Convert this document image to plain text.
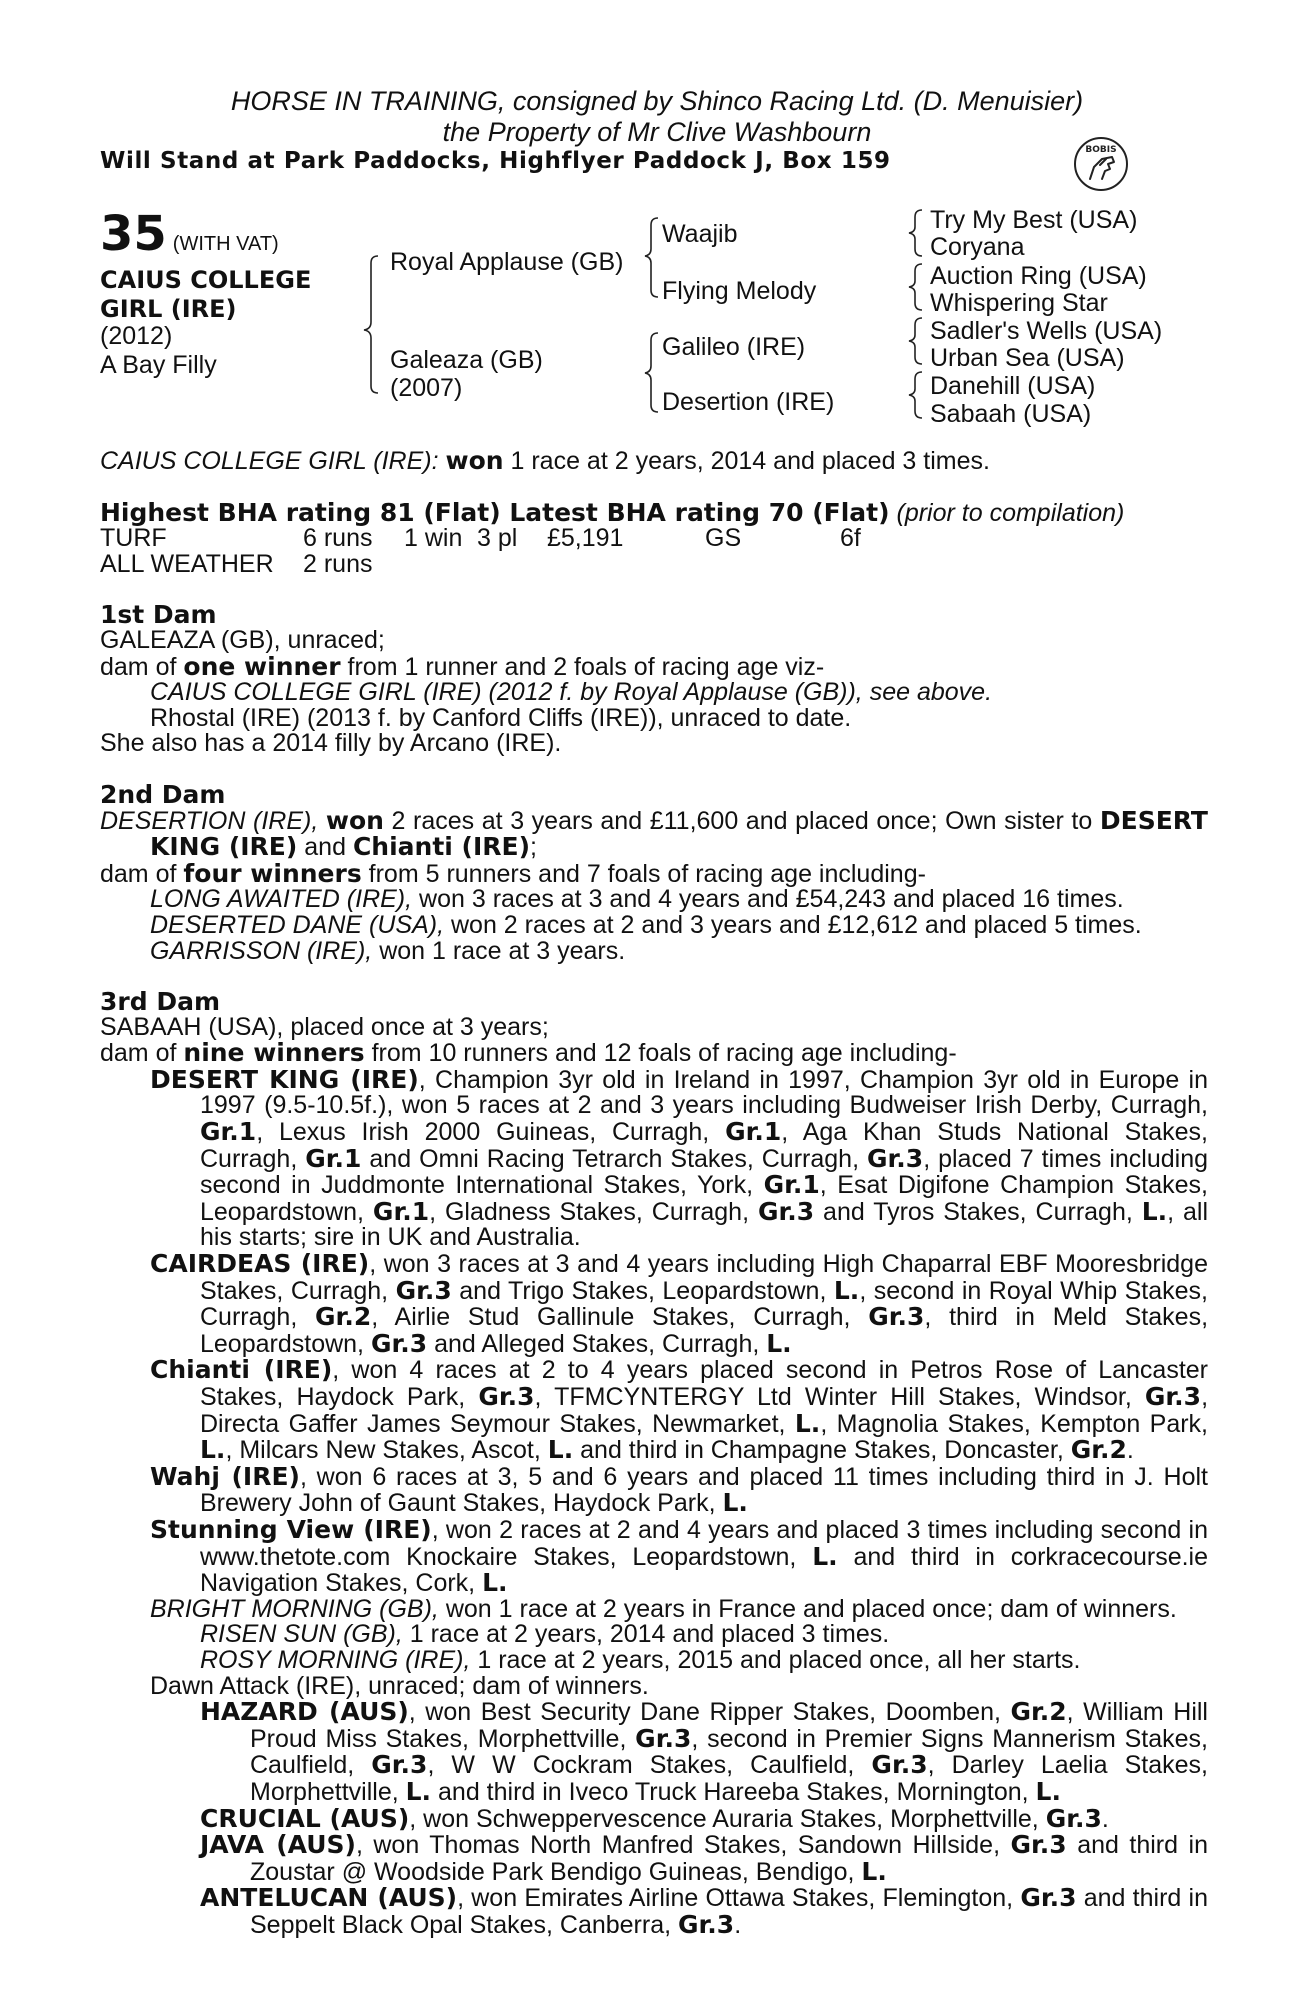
HORSE IN TRAINING, consigned by Shinco Racing Ltd. (D. Menuisier)
the Property of Mr Clive Washbourn
Will Stand at Park Paddocks, Highflyer Paddock J, Box 159	BOBIS
35 (WITH VAT)
CAIUS COLLEGE
GIRL (IRE)
(2012)
A Bay Filly
Royal Applause (GB)
Galeaza (GB)
(2007)
Waajib
Flying Melody
Galileo (IRE)
Desertion (IRE)
Try My Best (USA)
Coryana
Auction Ring (USA)
Whispering Star
Sadler's Wells (USA)
Urban Sea (USA)
Danehill (USA)
Sabaah (USA)

CAIUS COLLEGE GIRL (IRE): won 1 race at 2 years, 2014 and placed 3 times.

Highest BHA rating 81 (Flat) Latest BHA rating 70 (Flat) (prior to compilation)

TURF	6 runs	1 win 3 pl	£5,191	GS	6f
ALL WEATHER	2 runs

1st Dam

GALEAZA (GB), unraced;

dam of one winner from 1 runner and 2 foals of racing age viz-

CAIUS COLLEGE GIRL (IRE) (2012 f. by Royal Applause (GB)), see above.

Rhostal (IRE) (2013 f. by Canford Cliffs (IRE)), unraced to date.

She also has a 2014 filly by Arcano (IRE).

2nd Dam

DESERTION (IRE), won 2 races at 3 years and £11,600 and placed once; Own sister to DESERT KING (IRE) and Chianti (IRE);

dam of four winners from 5 runners and 7 foals of racing age including-

LONG AWAITED (IRE), won 3 races at 3 and 4 years and £54,243 and placed 16 times.

DESERTED DANE (USA), won 2 races at 2 and 3 years and £12,612 and placed 5 times.

GARRISSON (IRE), won 1 race at 3 years.

3rd Dam

SABAAH (USA), placed once at 3 years;

dam of nine winners from 10 runners and 12 foals of racing age including-

DESERT KING (IRE), Champion 3yr old in Ireland in 1997, Champion 3yr old in Europe in 1997 (9.5-10.5f.), won 5 races at 2 and 3 years including Budweiser Irish Derby, Curragh, Gr.1, Lexus Irish 2000 Guineas, Curragh, Gr.1, Aga Khan Studs National Stakes, Curragh, Gr.1 and Omni Racing Tetrarch Stakes, Curragh, Gr.3, placed 7 times including second in Juddmonte International Stakes, York, Gr.1, Esat Digifone Champion Stakes, Leopardstown, Gr.1, Gladness Stakes, Curragh, Gr.3 and Tyros Stakes, Curragh, L., all his starts; sire in UK and Australia.

CAIRDEAS (IRE), won 3 races at 3 and 4 years including High Chaparral EBF Mooresbridge Stakes, Curragh, Gr.3 and Trigo Stakes, Leopardstown, L., second in Royal Whip Stakes, Curragh, Gr.2, Airlie Stud Gallinule Stakes, Curragh, Gr.3, third in Meld Stakes, Leopardstown, Gr.3 and Alleged Stakes, Curragh, L.

Chianti (IRE), won 4 races at 2 to 4 years placed second in Petros Rose of Lancaster Stakes, Haydock Park, Gr.3, TFMCYNTERGY Ltd Winter Hill Stakes, Windsor, Gr.3, Directa Gaffer James Seymour Stakes, Newmarket, L., Magnolia Stakes, Kempton Park, L., Milcars New Stakes, Ascot, L. and third in Champagne Stakes, Doncaster, Gr.2.

Wahj (IRE), won 6 races at 3, 5 and 6 years and placed 11 times including third in J. Holt Brewery John of Gaunt Stakes, Haydock Park, L.

Stunning View (IRE), won 2 races at 2 and 4 years and placed 3 times including second in www.thetote.com Knockaire Stakes, Leopardstown, L. and third in corkracecourse.ie Navigation Stakes, Cork, L.

BRIGHT MORNING (GB), won 1 race at 2 years in France and placed once; dam of winners.

RISEN SUN (GB), 1 race at 2 years, 2014 and placed 3 times.

ROSY MORNING (IRE), 1 race at 2 years, 2015 and placed once, all her starts.

Dawn Attack (IRE), unraced; dam of winners.

HAZARD (AUS), won Best Security Dane Ripper Stakes, Doomben, Gr.2, William Hill Proud Miss Stakes, Morphettville, Gr.3, second in Premier Signs Mannerism Stakes, Caulfield, Gr.3, W W Cockram Stakes, Caulfield, Gr.3, Darley Laelia Stakes, Morphettville, L. and third in Iveco Truck Hareeba Stakes, Mornington, L.

CRUCIAL (AUS), won Schweppervescence Auraria Stakes, Morphettville, Gr.3.

JAVA (AUS), won Thomas North Manfred Stakes, Sandown Hillside, Gr.3 and third in Zoustar @ Woodside Park Bendigo Guineas, Bendigo, L.

ANTELUCAN (AUS), won Emirates Airline Ottawa Stakes, Flemington, Gr.3 and third in Seppelt Black Opal Stakes, Canberra, Gr.3.
